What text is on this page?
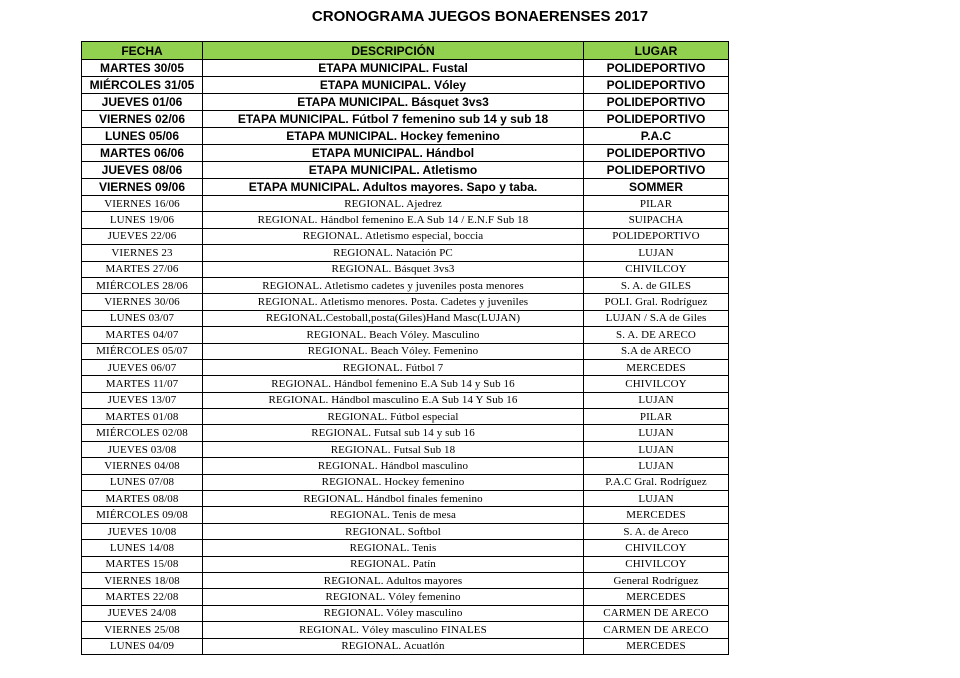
CRONOGRAMA JUEGOS BONAERENSES 2017
FECHA	DESCRIPCIÓN	LUGAR
MARTES 30/05	ETAPA MUNICIPAL. Fustal	POLIDEPORTIVO
MIÉRCOLES 31/05	ETAPA MUNICIPAL. Vóley	POLIDEPORTIVO
JUEVES 01/06	ETAPA MUNICIPAL. Básquet 3vs3	POLIDEPORTIVO
VIERNES 02/06	ETAPA MUNICIPAL. Fútbol 7 femenino sub 14 y sub 18	POLIDEPORTIVO
LUNES 05/06	ETAPA MUNICIPAL. Hockey femenino	P.A.C
MARTES 06/06	ETAPA MUNICIPAL. Hándbol	POLIDEPORTIVO
JUEVES 08/06	ETAPA MUNICIPAL. Atletismo	POLIDEPORTIVO
VIERNES 09/06	ETAPA MUNICIPAL. Adultos mayores. Sapo y taba.	SOMMER
VIERNES 16/06	REGIONAL. Ajedrez	PILAR
LUNES 19/06	REGIONAL. Hándbol femenino E.A Sub 14 / E.N.F Sub 18	SUIPACHA
JUEVES 22/06	REGIONAL. Atletismo especial, boccia	POLIDEPORTIVO
VIERNES 23	REGIONAL. Natación PC	LUJAN
MARTES 27/06	REGIONAL. Básquet 3vs3	CHIVILCOY
MIÉRCOLES 28/06	REGIONAL. Atletismo cadetes y juveniles posta menores	S. A. de GILES
VIERNES 30/06	REGIONAL. Atletismo menores. Posta. Cadetes y juveniles	POLI. Gral. Rodríguez
LUNES 03/07	REGIONAL.Cestoball,posta(Giles)Hand Masc(LUJAN)	LUJAN / S.A de Giles
MARTES 04/07	REGIONAL. Beach Vóley. Masculino	S. A. DE ARECO
MIÉRCOLES 05/07	REGIONAL. Beach Vóley. Femenino	S.A de ARECO
JUEVES 06/07	REGIONAL. Fútbol 7	MERCEDES
MARTES 11/07	REGIONAL. Hándbol femenino E.A Sub 14 y Sub 16	CHIVILCOY
JUEVES 13/07	REGIONAL. Hándbol masculino E.A Sub 14 Y Sub 16	LUJAN
MARTES 01/08	REGIONAL. Fútbol especial	PILAR
MIÉRCOLES 02/08	REGIONAL. Futsal sub 14 y sub 16	LUJAN
JUEVES 03/08	REGIONAL. Futsal Sub 18	LUJAN
VIERNES 04/08	REGIONAL. Hándbol masculino	LUJAN
LUNES 07/08	REGIONAL. Hockey femenino	P.A.C Gral. Rodríguez
MARTES 08/08	REGIONAL. Hándbol finales femenino	LUJAN
MIÉRCOLES 09/08	REGIONAL. Tenis de mesa	MERCEDES
JUEVES 10/08	REGIONAL. Softbol	S. A. de Areco
LUNES 14/08	REGIONAL. Tenis	CHIVILCOY
MARTES 15/08	REGIONAL. Patín	CHIVILCOY
VIERNES 18/08	REGIONAL. Adultos mayores	General Rodríguez
MARTES 22/08	REGIONAL. Vóley femenino	MERCEDES
JUEVES 24/08	REGIONAL. Vóley masculino	CARMEN DE ARECO
VIERNES 25/08	REGIONAL. Vóley masculino FINALES	CARMEN DE ARECO
LUNES 04/09	REGIONAL. Acuatlón	MERCEDES
